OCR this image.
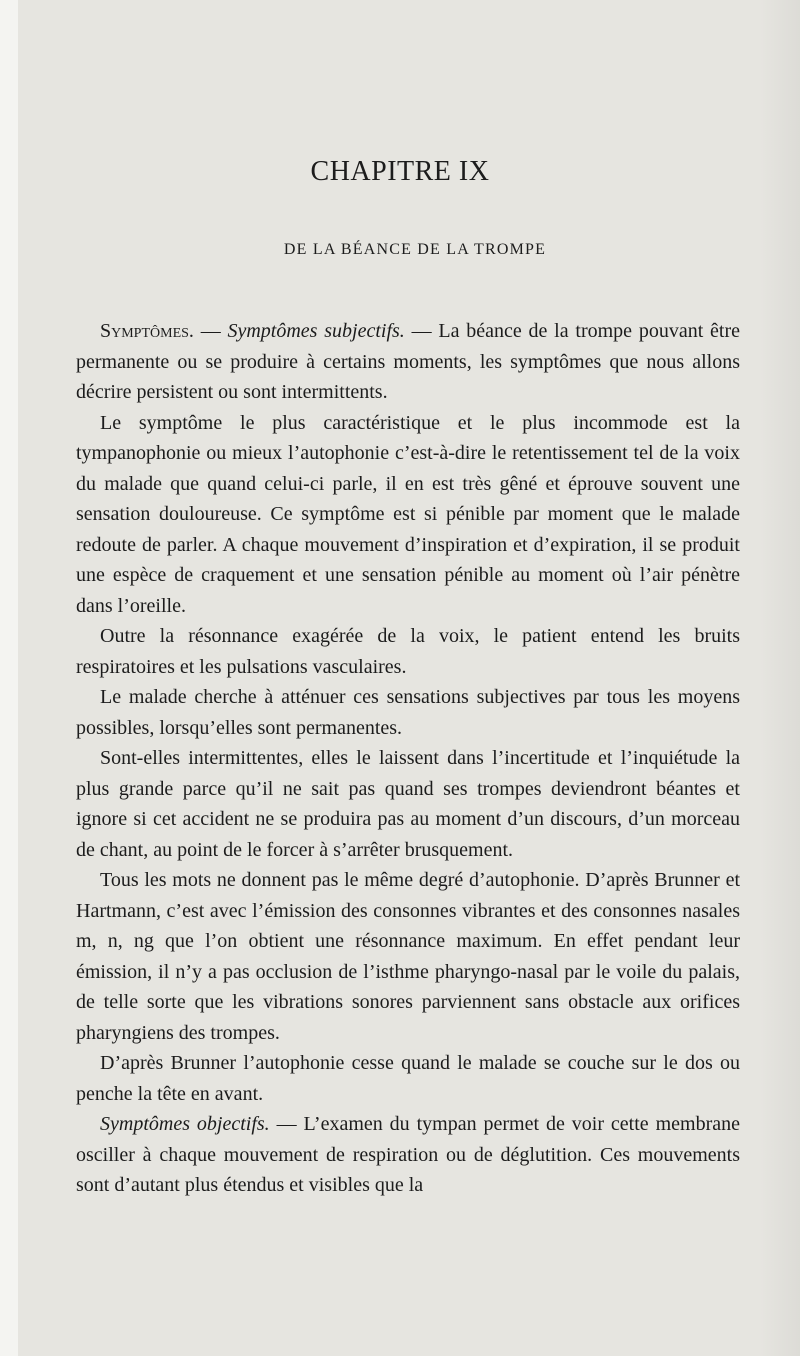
CHAPITRE IX
DE LA BÉANCE DE LA TROMPE

Symptômes. — Symptômes subjectifs. — La béance de la trompe pouvant être permanente ou se produire à certains moments, les symptômes que nous allons décrire persistent ou sont intermittents.

Le symptôme le plus caractéristique et le plus incommode est la tympanophonie ou mieux l’autophonie c’est-à-dire le retentissement tel de la voix du malade que quand celui-ci parle, il en est très gêné et éprouve souvent une sensation douloureuse. Ce symptôme est si pénible par moment que le malade redoute de parler. A chaque mouvement d’inspiration et d’expiration, il se produit une espèce de craquement et une sensation pénible au moment où l’air pénètre dans l’oreille.

Outre la résonnance exagérée de la voix, le patient entend les bruits respiratoires et les pulsations vasculaires.

Le malade cherche à atténuer ces sensations subjectives par tous les moyens possibles, lorsqu’elles sont permanentes.

Sont-elles intermittentes, elles le laissent dans l’incertitude et l’inquiétude la plus grande parce qu’il ne sait pas quand ses trompes deviendront béantes et ignore si cet accident ne se produira pas au moment d’un discours, d’un morceau de chant, au point de le forcer à s’arrêter brusquement.

Tous les mots ne donnent pas le même degré d’autophonie. D’après Brunner et Hartmann, c’est avec l’émission des consonnes vibrantes et des consonnes nasales m, n, ng que l’on obtient une résonnance maximum. En effet pendant leur émission, il n’y a pas occlusion de l’isthme pharyngo-nasal par le voile du palais, de telle sorte que les vibrations sonores parviennent sans obstacle aux orifices pharyngiens des trompes.

D’après Brunner l’autophonie cesse quand le malade se couche sur le dos ou penche la tête en avant.

Symptômes objectifs. — L’examen du tympan permet de voir cette membrane osciller à chaque mouvement de respiration ou de déglutition. Ces mouvements sont d’autant plus étendus et visibles que la
